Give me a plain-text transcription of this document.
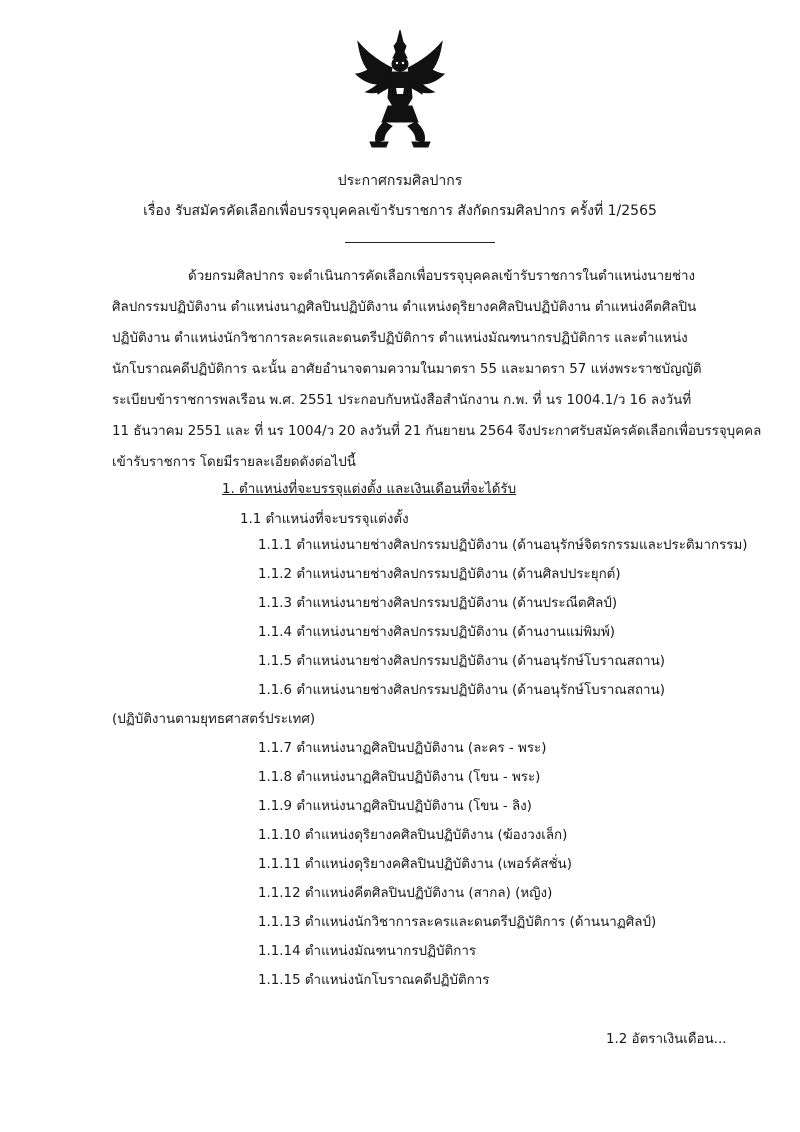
ประกาศกรมศิลปากร
เรื่อง รับสมัครคัดเลือกเพื่อบรรจุบุคคลเข้ารับราชการ สังกัดกรมศิลปากร ครั้งที่ 1/2565
ด้วยกรมศิลปากร จะดำเนินการคัดเลือกเพื่อบรรจุบุคคลเข้ารับราชการในตำแหน่งนายช่าง
ศิลปกรรมปฏิบัติงาน ตำแหน่งนาฏศิลปินปฏิบัติงาน ตำแหน่งดุริยางคศิลปินปฏิบัติงาน ตำแหน่งคีตศิลปิน
ปฏิบัติงาน ตำแหน่งนักวิชาการละครและดนตรีปฏิบัติการ ตำแหน่งมัณฑนากรปฏิบัติการ และตำแหน่ง
นักโบราณคดีปฏิบัติการ ฉะนั้น อาศัยอำนาจตามความในมาตรา 55 และมาตรา 57 แห่งพระราชบัญญัติ
ระเบียบข้าราชการพลเรือน พ.ศ. 2551 ประกอบกับหนังสือสำนักงาน ก.พ. ที่ นร 1004.1/ว 16 ลงวันที่
11 ธันวาคม 2551 และ ที่ นร 1004/ว 20 ลงวันที่ 21 กันยายน 2564 จึงประกาศรับสมัครคัดเลือกเพื่อบรรจุบุคคล
เข้ารับราชการ โดยมีรายละเอียดดังต่อไปนี้
1. ตำแหน่งที่จะบรรจุแต่งตั้ง และเงินเดือนที่จะได้รับ
1.1 ตำแหน่งที่จะบรรจุแต่งตั้ง
1.1.1 ตำแหน่งนายช่างศิลปกรรมปฏิบัติงาน (ด้านอนุรักษ์จิตรกรรมและประติมากรรม)
1.1.2 ตำแหน่งนายช่างศิลปกรรมปฏิบัติงาน (ด้านศิลปประยุกต์)
1.1.3 ตำแหน่งนายช่างศิลปกรรมปฏิบัติงาน (ด้านประณีตศิลป์)
1.1.4 ตำแหน่งนายช่างศิลปกรรมปฏิบัติงาน (ด้านงานแม่พิมพ์)
1.1.5 ตำแหน่งนายช่างศิลปกรรมปฏิบัติงาน (ด้านอนุรักษ์โบราณสถาน)
1.1.6 ตำแหน่งนายช่างศิลปกรรมปฏิบัติงาน (ด้านอนุรักษ์โบราณสถาน)
(ปฏิบัติงานตามยุทธศาสตร์ประเทศ)
1.1.7 ตำแหน่งนาฏศิลปินปฏิบัติงาน (ละคร - พระ)
1.1.8 ตำแหน่งนาฏศิลปินปฏิบัติงาน (โขน - พระ)
1.1.9 ตำแหน่งนาฏศิลปินปฏิบัติงาน (โขน - ลิง)
1.1.10 ตำแหน่งดุริยางคศิลปินปฏิบัติงาน (ฆ้องวงเล็ก)
1.1.11 ตำแหน่งดุริยางคศิลปินปฏิบัติงาน (เพอร์คัสชั่น)
1.1.12 ตำแหน่งคีตศิลปินปฏิบัติงาน (สากล) (หญิง)
1.1.13 ตำแหน่งนักวิชาการละครและดนตรีปฏิบัติการ (ด้านนาฏศิลป์)
1.1.14 ตำแหน่งมัณฑนากรปฏิบัติการ
1.1.15 ตำแหน่งนักโบราณคดีปฏิบัติการ
1.2 อัตราเงินเดือน...
